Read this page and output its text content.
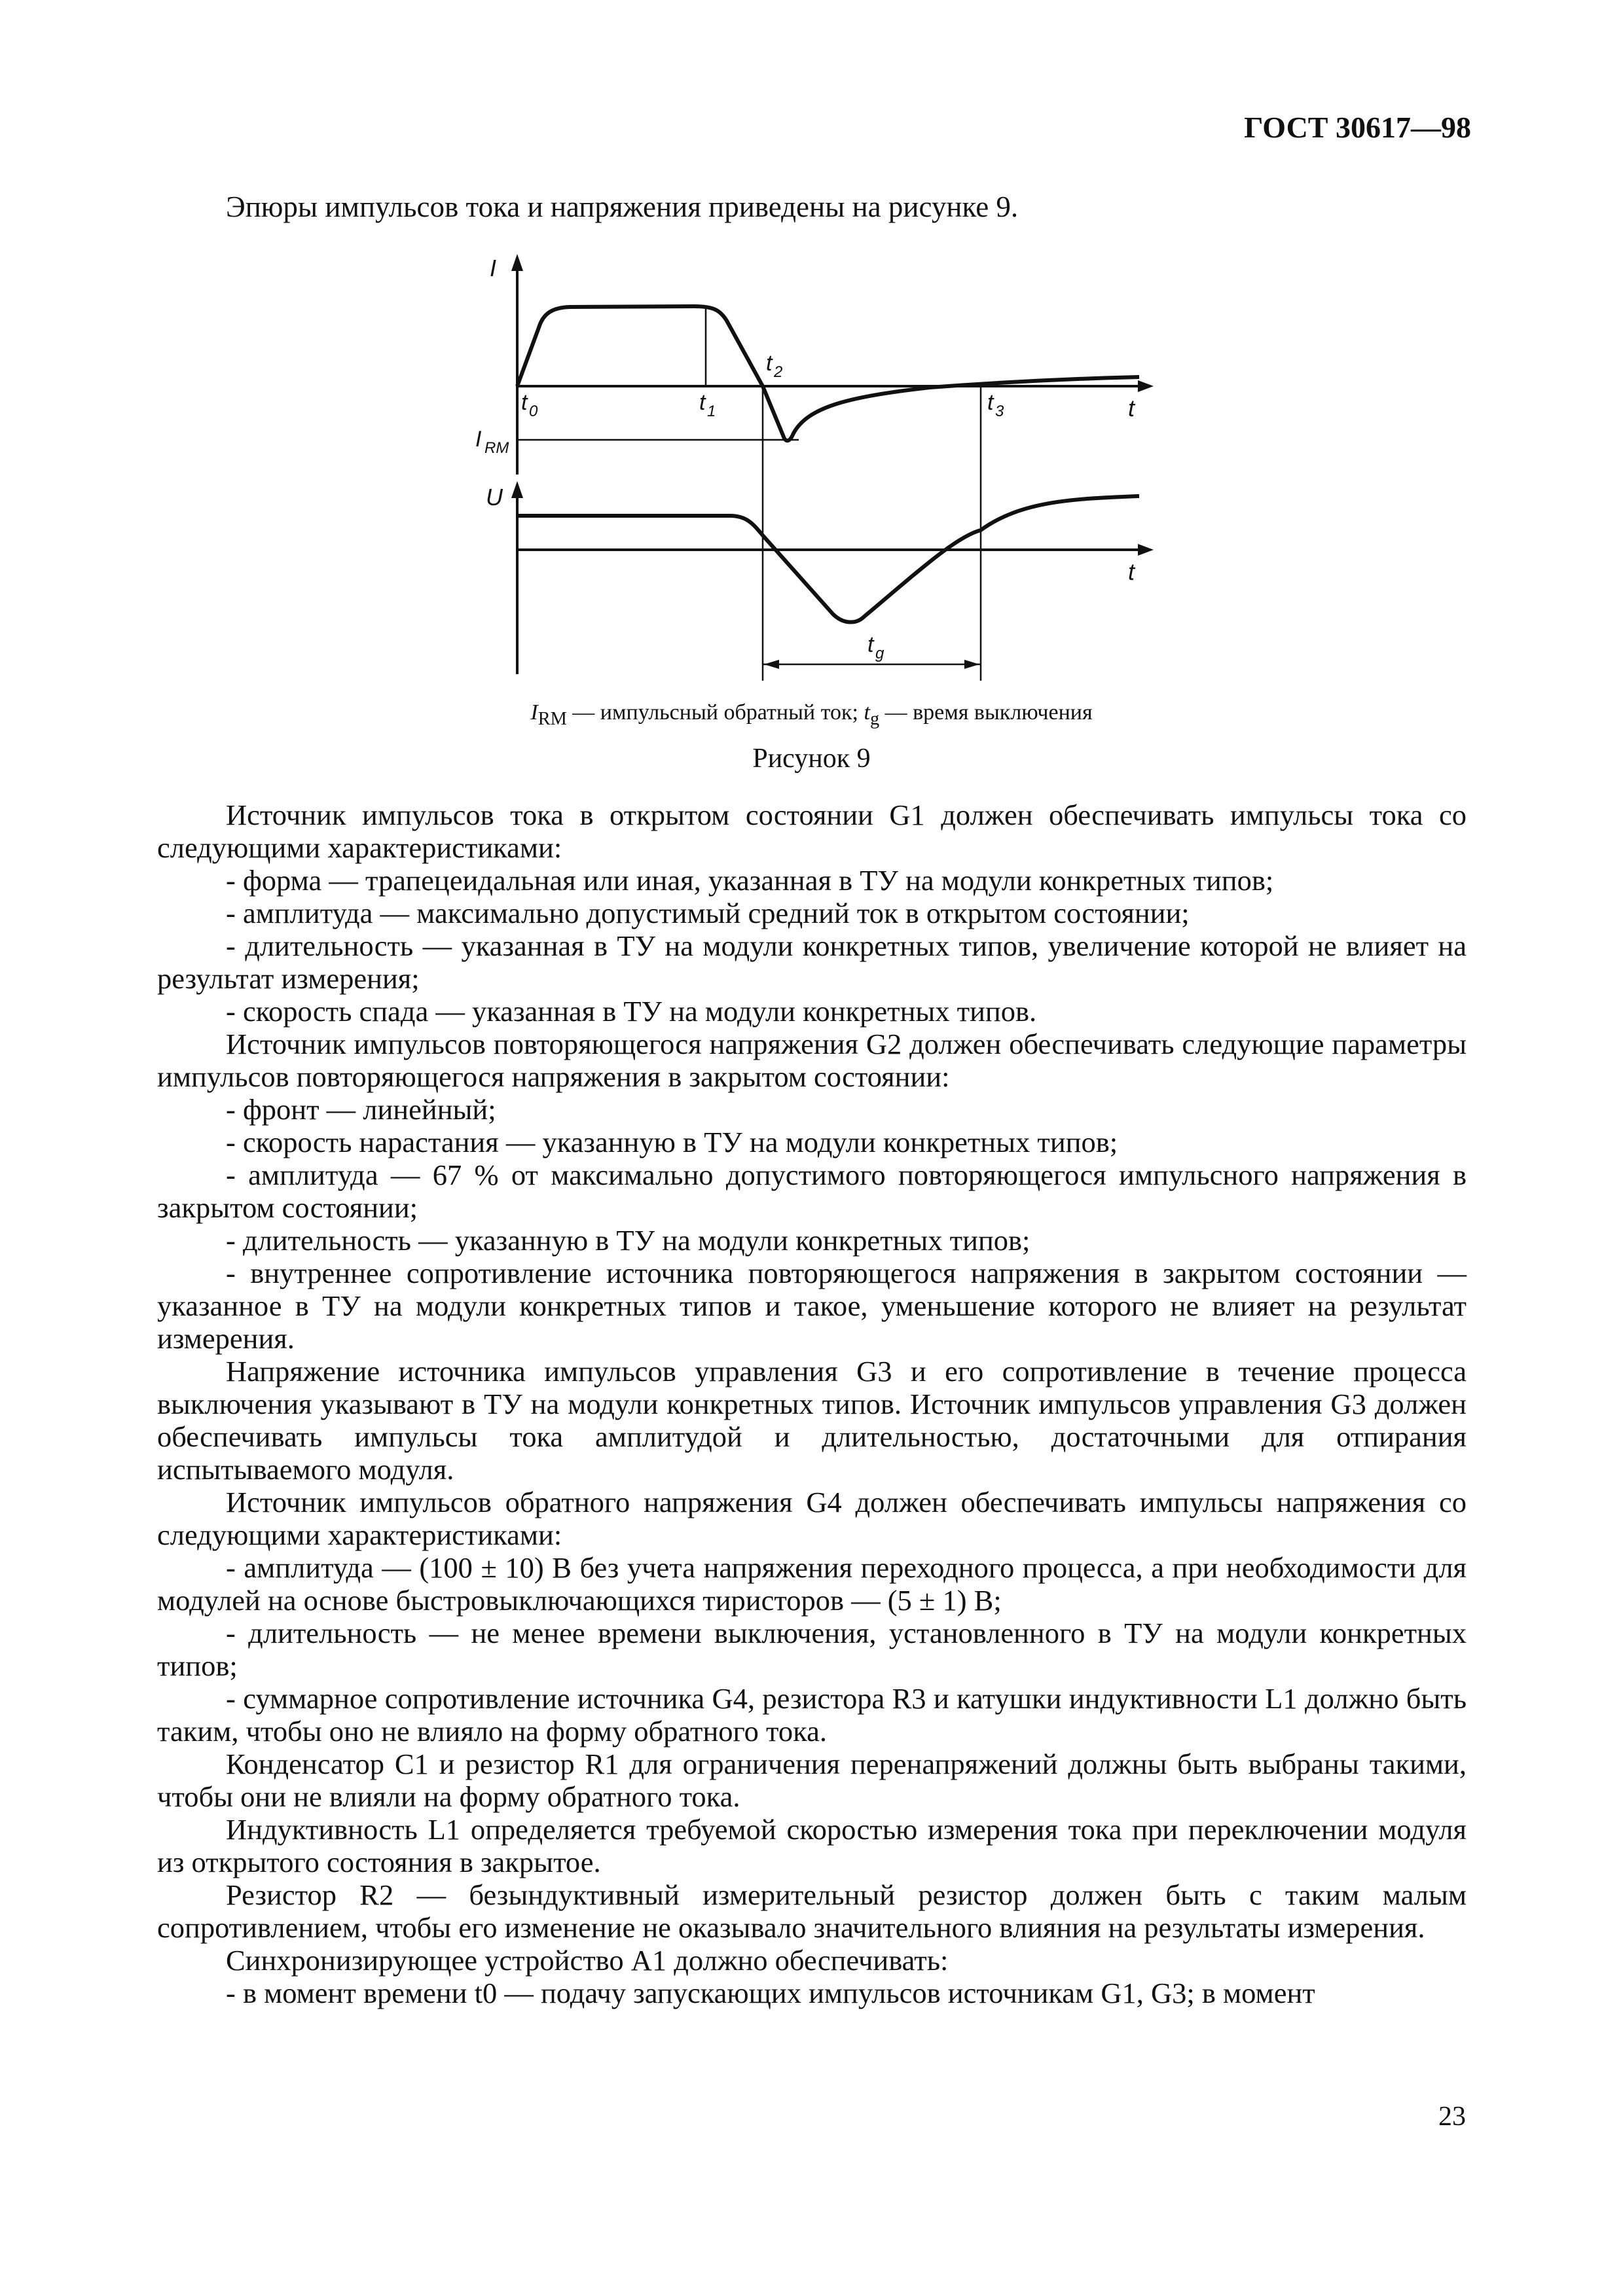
ГОСТ 30617—98
Эпюры импульсов тока и напряжения приведены на рисунке 9.
I
U
t
t
t 0	t 1
t 2
t 3
I RM
t g
$I_{RM}$ — импульсный обратный ток; $t_g$ — время выключения
Рисунок 9

Источник импульсов тока в открытом состоянии G1 должен обеспечивать импульсы тока со следующими характеристиками:

- форма — трапецеидальная или иная, указанная в ТУ на модули конкретных типов;

- амплитуда — максимально допустимый средний ток в открытом состоянии;

- длительность — указанная в ТУ на модули конкретных типов, увеличение которой не влияет на результат измерения;

- скорость спада — указанная в ТУ на модули конкретных типов.

Источник импульсов повторяющегося напряжения G2 должен обеспечивать следующие параметры импульсов повторяющегося напряжения в закрытом состоянии:

- фронт — линейный;

- скорость нарастания — указанную в ТУ на модули конкретных типов;

- амплитуда — 67 % от максимально допустимого повторяющегося импульсного напряжения в закрытом состоянии;

- длительность — указанную в ТУ на модули конкретных типов;

- внутреннее сопротивление источника повторяющегося напряжения в закрытом состоянии — указанное в ТУ на модули конкретных типов и такое, уменьшение которого не влияет на результат измерения.

Напряжение источника импульсов управления G3 и его сопротивление в течение процесса выключения указывают в ТУ на модули конкретных типов. Источник импульсов управления G3 должен обеспечивать импульсы тока амплитудой и длительностью, достаточными для отпирания испытываемого модуля.

Источник импульсов обратного напряжения G4 должен обеспечивать импульсы напряжения со следующими характеристиками:

- амплитуда — (100 ± 10) В без учета напряжения переходного процесса, а при необходимости для модулей на основе быстровыключающихся тиристоров — (5 ± 1) В;

- длительность — не менее времени выключения, установленного в ТУ на модули конкретных типов;

- суммарное сопротивление источника G4, резистора R3 и катушки индуктивности L1 должно быть таким, чтобы оно не влияло на форму обратного тока.

Конденсатор C1 и резистор R1 для ограничения перенапряжений должны быть выбраны такими, чтобы они не влияли на форму обратного тока.

Индуктивность L1 определяется требуемой скоростью измерения тока при переключении модуля из открытого состояния в закрытое.

Резистор R2 — безындуктивный измерительный резистор должен быть с таким малым сопротивлением, чтобы его изменение не оказывало значительного влияния на результаты измерения.

Синхронизирующее устройство A1 должно обеспечивать:

- в момент времени t0 — подачу запускающих импульсов источникам G1, G3; в момент

23
